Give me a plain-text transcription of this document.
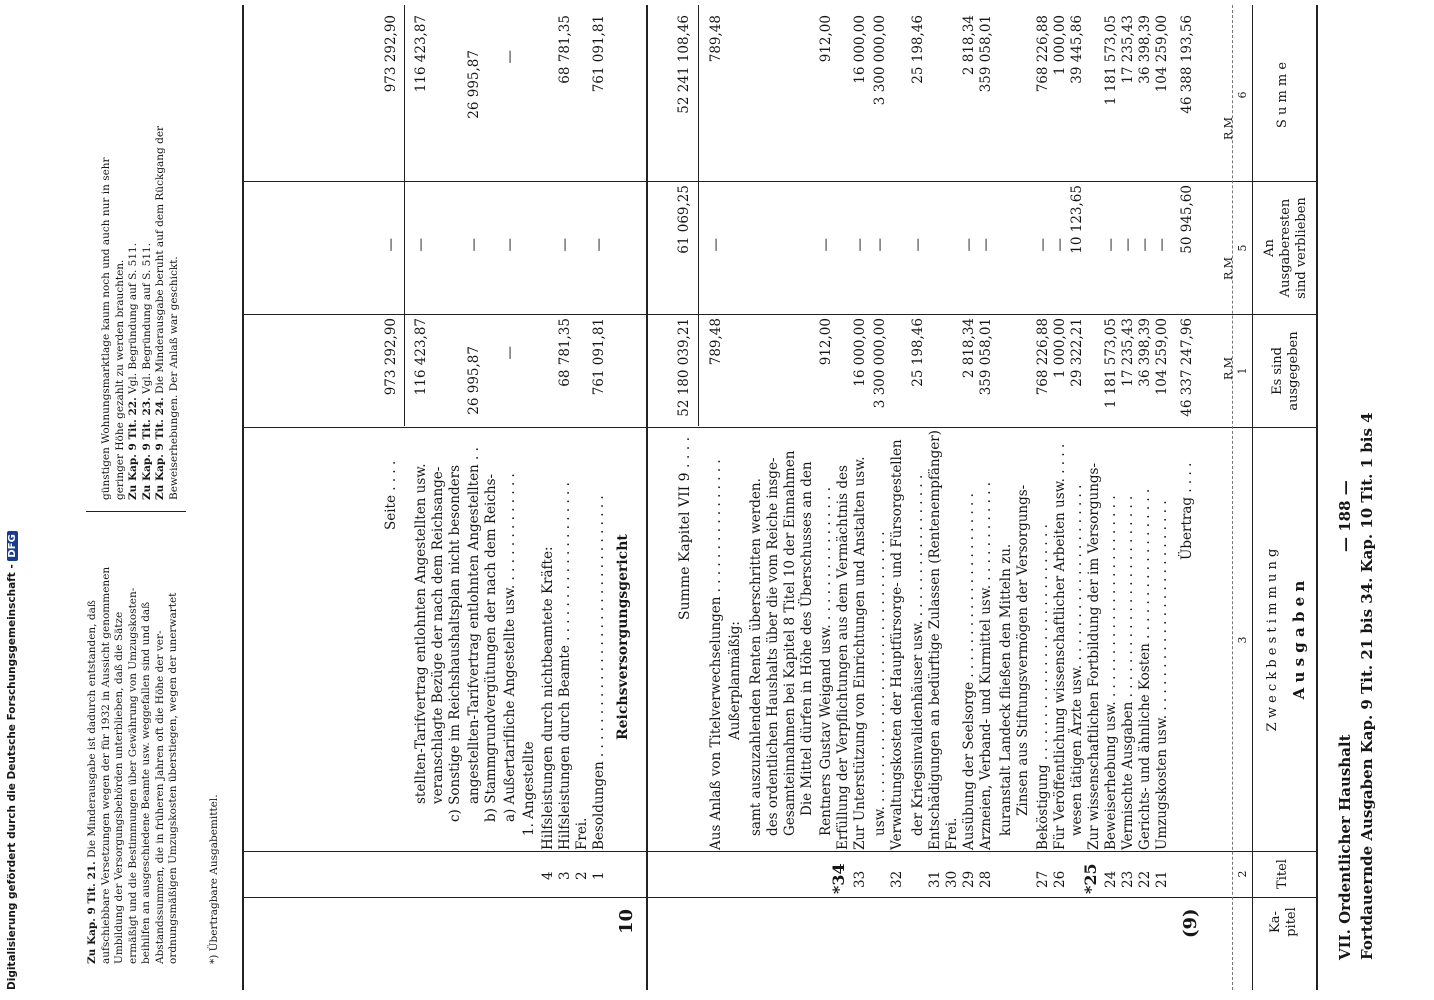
VII. Ordentlicher Haushalt
— 188 — Fortdauernde Ausgaben Kap. 9 Tit. 21 bis 34. Kap. 10 Tit. 1 bis 4
Ka-
pitel
Titel
A u s g a b e n
Z w e c k b e s t i m m u n g
Es sind
ausgegeben
An
Ausgaberesten
sind verblieben
S u m m e
2
3
1
5
6
R.M
R.M
R.M
(9)
Übertrag . . . .
46 337 247,96
50 945,60
46 388 193,56
21
Umzugskosten usw. . . . . . . . . . . . . . . . . . . . . . . . . .
104 259,00
—
104 259,00
22
Gerichts- und ähnliche Kosten . . . . . . . . . . . . . . . . . .
36 398,39
—
36 398,39
23
Vermischte Ausgaben . . . . . . . . . . . . . . . . . . . . . . . .
17 235,43
—
17 235,43
24
Beweiserhebung usw. . . . . . . . . . . . . . . . . . . . . . . . .
1 181 573,05
—
1 181 573,05
*25
Zur wissenschaftlichen Fortbildung der im Versorgungs-
wesen tätigen Ärzte usw. . . . . . . . . . . . . . . . . . . . . .
29 322,21
10 123,65
39 445,86
26
Für Veröffentlichung wissenschaftlicher Arbeiten usw. . . . .
1 000,00
—
1 000,00
27
Beköstigung . . . . . . . . . . . . . . . . . . . . . . . . . . . .
Zinsen aus Stiftungsvermögen der Versorgungs-
kuranstalt Landeck fließen den Mitteln zu.
768 226,88
—
768 226,88
28
Arzneien, Verband- und Kurmittel usw. . . . . . . . . . . . .
359 058,01
—
359 058,01
29
Ausübung der Seelsorge . . . . . . . . . . . . . . . . . . . . . .
2 818,34
—
2 818,34
30
Frei.
31
Entschädigungen an bedürftige Zulassen (Rentenempfänger)
der Kriegsinvalidenhäuser usw. . . . . . . . . . . . . . . . . .
25 198,46
—
25 198,46
32
Verwaltungskosten der Hauptfürsorge- und Fürsorgestellen
usw. . . . . . . . . . . . . . . . . . . . . . . . . . . . . . . . .
3 300 000,00
—
3 300 000,00
33
Zur Unterstützung von Einrichtungen und Anstalten usw.
16 000,00
—
16 000,00
*34
Erfüllung der Verpflichtungen aus dem Vermächtnis des
Rentners Gustav Weigand usw. . . . . . . . . . . . . . . . .
Die Mittel dürfen in Höhe des Überschusses an den
Gesamteinnahmen bei Kapitel 8 Titel 10 der Einnahmen
des ordentlichen Haushalts über die vom Reiche insge-
samt auszuzahlenden Renten überschritten werden.
912,00
—
912,00
Außerplanmäßig:
Aus Anlaß von Titelverwechselungen . . . . . . . . . . . . . . . .
789,48
—
789,48
Summe Kapitel VII 9 . . . .
52 180 039,21
61 069,25
52 241 108,46
10
Reichsversorgungsgericht
1
Besoldungen . . . . . . . . . . . . . . . . . . . . . . . . . . . . . . .
761 091,81
—
761 091,81
2
Frei.
3
Hilfsleistungen durch Beamte . . . . . . . . . . . . . . . . . . .
68 781,35
—
68 781,35
4
Hilfsleistungen durch nichtbeamtete Kräfte:
1. Angestellte
a) Außertarifliche Angestellte usw. . . . . . . . . . . . . .
—
—
—
b) Stammgrundvergütungen der nach dem Reichs-
angestellten-Tarifvertrag entlohnten Angestellten . .
26 995,87
—
26 995,87
c) Sonstige im Reichshaushaltsplan nicht besonders
veranschlagte Bezüge der nach dem Reichsange-
stellten-Tarifvertrag entlohnten Angestellten usw.
116 423,87
—
116 423,87
Seite . . . .
973 292,90
—
973 292,90
*) Übertragbare Ausgabemittel.
Zu Kap. 9 Tit. 21. Die Minderausgabe ist dadurch entstanden, daß aufschiebbare Versetzungen wegen der für 1932 in Aussicht genommenen Umbildung der Versorgungsbehörden unterblieben, daß die Sätze ermäßigt und die Bestimmungen über Gewährung von Umzugskosten- beihilfen an ausgeschiedene Beamte usw. weggefallen sind und daß Abstandssummen, die in früheren Jahren oft die Höhe der ver- ordnungsmäßigen Umzugskosten überstiegen, wegen der unerwartet
günstigen Wohnungsmarktlage kaum noch und auch nur in sehr geringer Höhe gezahlt zu werden brauchten. Zu Kap. 9 Tit. 22. Vgl. Begründung auf S. 511.
Zu Kap. 9 Tit. 23. Vgl. Begründung auf S. 511.
Zu Kap. 9 Tit. 24. Die Minderausgabe beruht auf dem Rückgang der Beweiserhebungen. Der Anlaß war geschickt.
Digitalisierung gefördert durch die Deutsche Forschungsgemeinschaft - DFG
